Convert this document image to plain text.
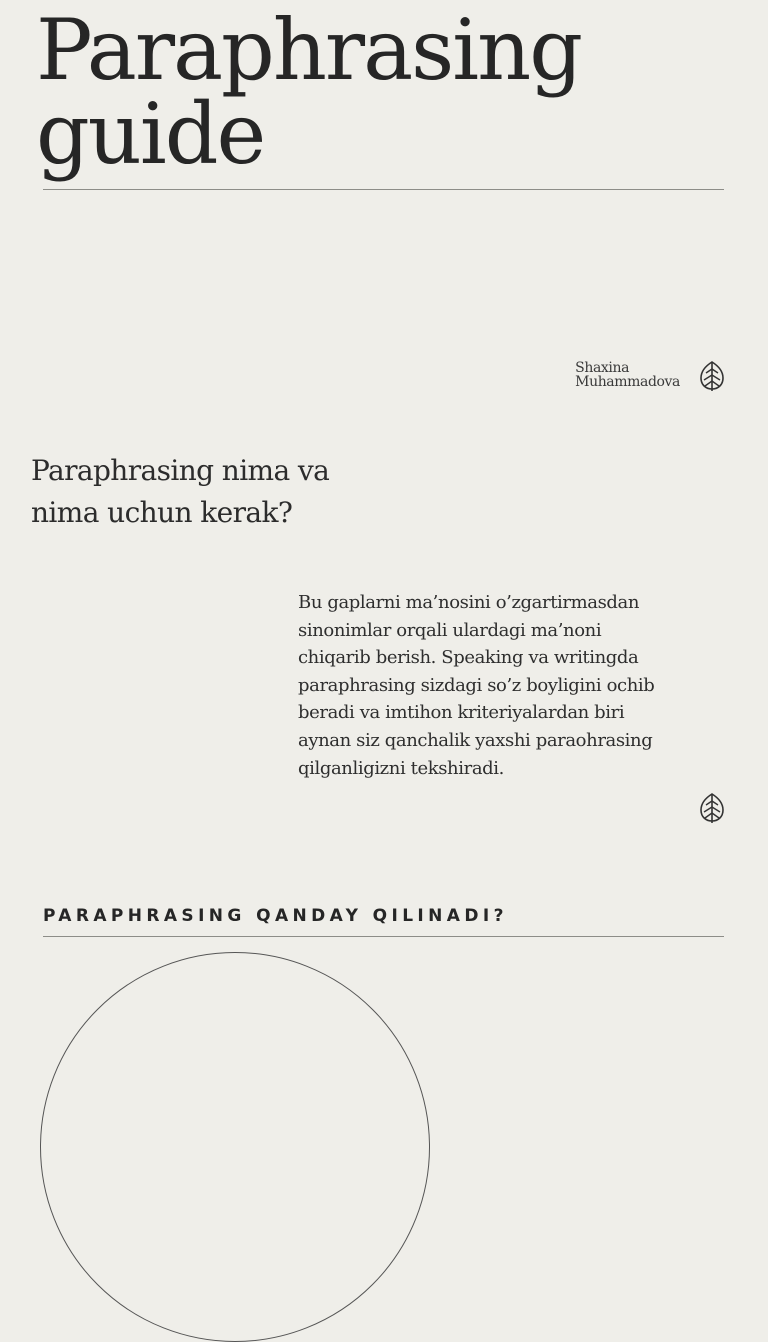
Paraphrasing
guide
Shaxina
Muhammadova
Paraphrasing nima va
nima uchun kerak?

Bu gaplarni ma’nosini o’zgartirmasdan
sinonimlar orqali ulardagi ma’noni
chiqarib berish. Speaking va writingda
paraphrasing sizdagi so’z boyligini ochib
beradi va imtihon kriteriyalardan biri
aynan siz qanchalik yaxshi paraohrasing
qilganligizni tekshiradi.

PARAPHRASING QANDAY QILINADI?
